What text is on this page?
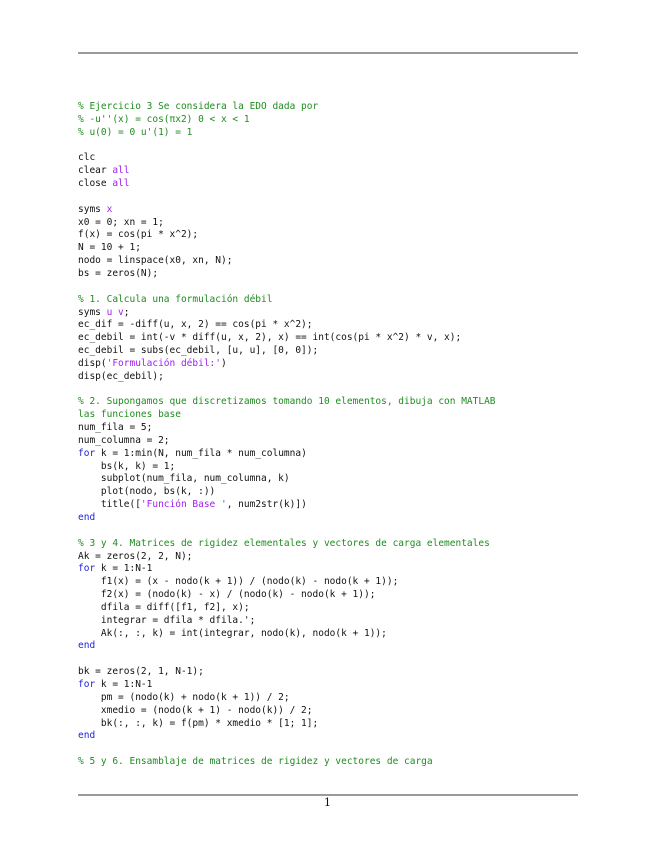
% Ejercicio 3 Se considera la EDO dada por
% -u''(x) = cos(πx2) 0 < x < 1
% u(0) = 0 u'(1) = 1
clc
clear all
close all
syms x
x0 = 0; xn = 1;
f(x) = cos(pi * x^2);
N = 10 + 1;
nodo = linspace(x0, xn, N);
bs = zeros(N);
% 1. Calcula una formulación débil
syms u v;
ec_dif = -diff(u, x, 2) == cos(pi * x^2);
ec_debil = int(-v * diff(u, x, 2), x) == int(cos(pi * x^2) * v, x);
ec_debil = subs(ec_debil, [u, u], [0, 0]);
disp('Formulación débil:')
disp(ec_debil);
% 2. Supongamos que discretizamos tomando 10 elementos, dibuja con MATLAB
las funciones base
num_fila = 5;
num_columna = 2;
for k = 1:min(N, num_fila * num_columna)
bs(k, k) = 1;
subplot(num_fila, num_columna, k)
plot(nodo, bs(k, :))
title(['Función Base ', num2str(k)])
end
% 3 y 4. Matrices de rigidez elementales y vectores de carga elementales
Ak = zeros(2, 2, N);
for k = 1:N-1
f1(x) = (x - nodo(k + 1)) / (nodo(k) - nodo(k + 1));
f2(x) = (nodo(k) - x) / (nodo(k) - nodo(k + 1));
dfila = diff([f1, f2], x);
integrar = dfila * dfila.';
Ak(:, :, k) = int(integrar, nodo(k), nodo(k + 1));
end
bk = zeros(2, 1, N-1);
for k = 1:N-1
pm = (nodo(k) + nodo(k + 1)) / 2;
xmedio = (nodo(k + 1) - nodo(k)) / 2;
bk(:, :, k) = f(pm) * xmedio * [1; 1];
end
% 5 y 6. Ensamblaje de matrices de rigidez y vectores de carga
1
